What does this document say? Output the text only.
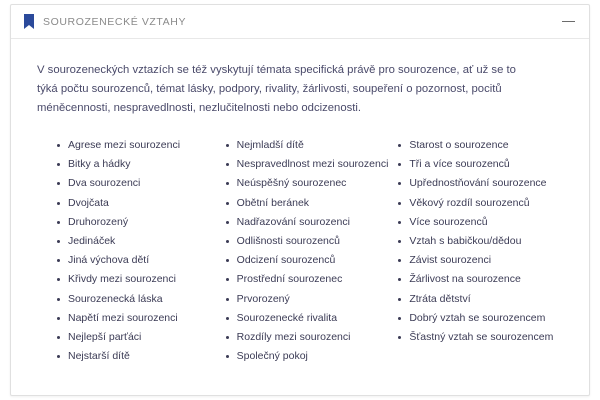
SOUROZENECKÉ VZTAHY

V sourozeneckých vztazích se též vyskytují témata specifická právě pro sourozence, ať už se to týká počtu sourozenců, témat lásky, podpory, rivality, žárlivosti, soupeření o pozornost, pocitů méněcennosti, nespravedlnosti, nezlučitelnosti nebo odcizenosti.

Agrese mezi sourozenci
Bitky a hádky
Dva sourozenci
Dvojčata
Druhorozený
Jedináček
Jiná výchova dětí
Křivdy mezi sourozenci
Sourozenecká láska
Napětí mezi sourozenci
Nejlepší parťáci
Nejstarší dítě
Nejmladší dítě
Nespravedlnost mezi sourozenci
Neúspěšný sourozenec
Obětní beránek
Nadřazování sourozenci
Odlišnosti sourozenců
Odcizení sourozenců
Prostřední sourozenec
Prvorozený
Sourozenecké rivalita
Rozdíly mezi sourozenci
Společný pokoj
Starost o sourozence
Tři a více sourozenců
Upřednostňování sourozence
Věkový rozdíl sourozenců
Více sourozenců
Vztah s babičkou/dědou
Závist sourozenci
Žárlivost na sourozence
Ztráta dětství
Dobrý vztah se sourozencem
Šťastný vztah se sourozencem
